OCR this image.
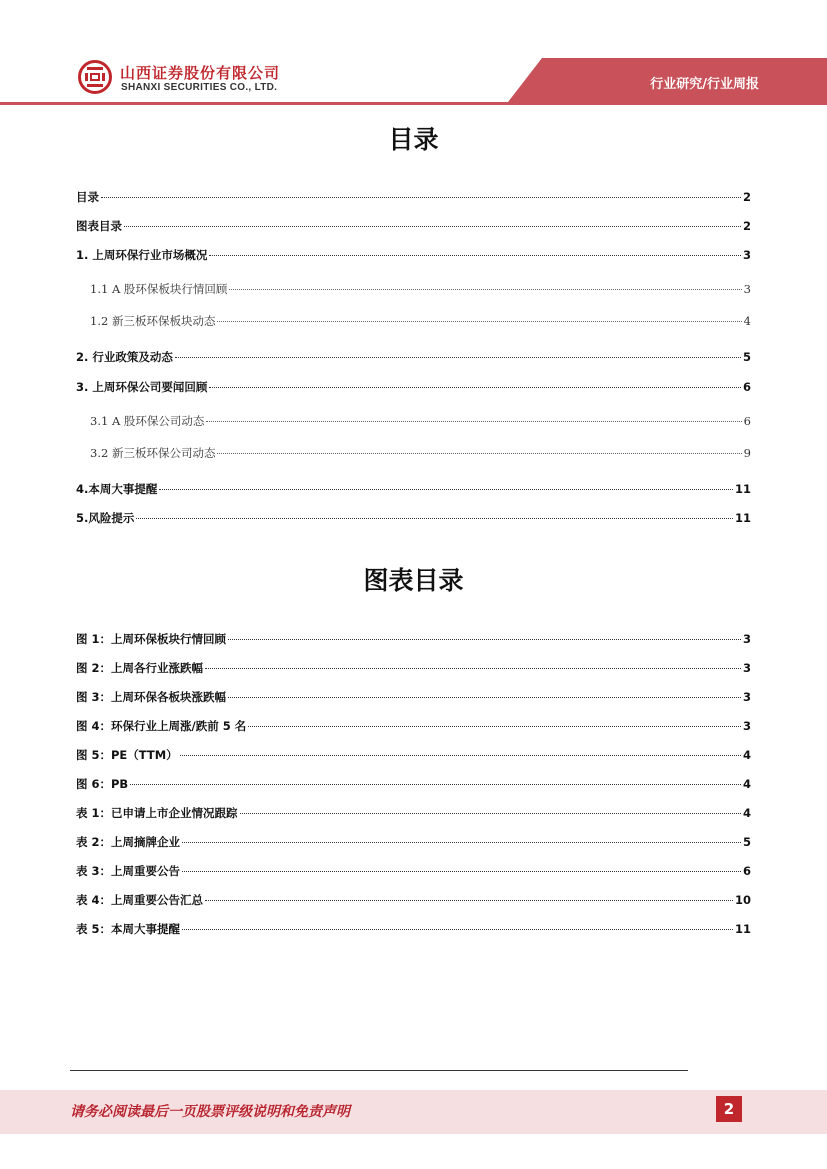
山西证券股份有限公司
SHANXI SECURITIES CO., LTD.	行业研究/行业周报
目录
目录	2
图表目录	2
1. 上周环保行业市场概况	3
1.1 A 股环保板块行情回顾	3
1.2 新三板环保板块动态	4
2. 行业政策及动态	5
3. 上周环保公司要闻回顾	6
3.1 A 股环保公司动态	6
3.2 新三板环保公司动态	9
4.本周大事提醒	11
5.风险提示	11
图表目录
图 1：上周环保板块行情回顾	3
图 2：上周各行业涨跌幅	3
图 3：上周环保各板块涨跌幅	3
图 4：环保行业上周涨/跌前 5 名	3
图 5：PE（TTM）	4
图 6：PB	4
表 1：已申请上市企业情况跟踪	4
表 2：上周摘牌企业	5
表 3：上周重要公告	6
表 4：上周重要公告汇总	10
表 5：本周大事提醒	11
请务必阅读最后一页股票评级说明和免责声明	2
